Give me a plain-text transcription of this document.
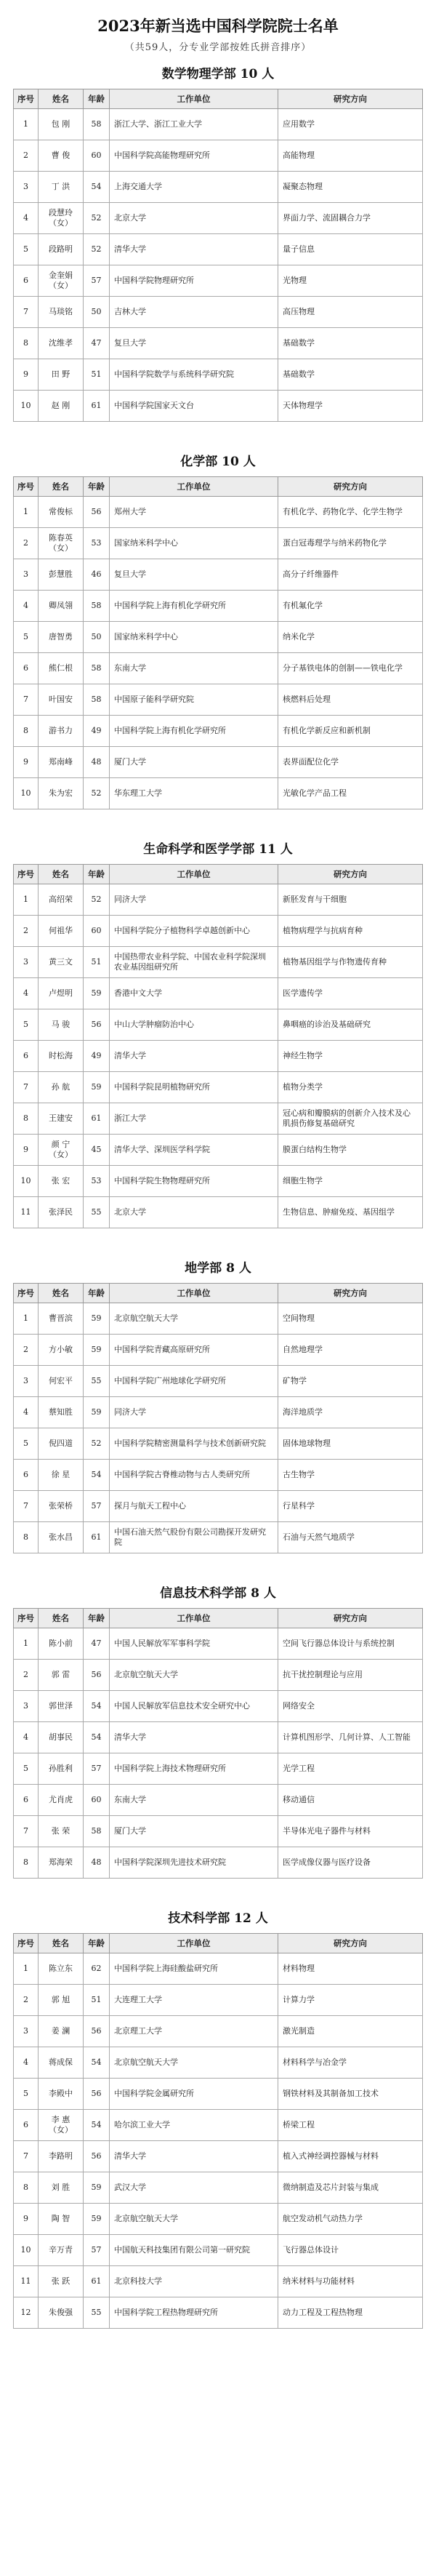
2023年新当选中国科学院院士名单
（共59人，分专业学部按姓氏拼音排序）
数学物理学部 10 人
序号	姓名	年龄	工作单位	研究方向
1	包 刚	58	浙江大学、浙江工业大学	应用数学
2	曹 俊	60	中国科学院高能物理研究所	高能物理
3	丁 洪	54	上海交通大学	凝聚态物理
4	段慧玲（女）	52	北京大学	界面力学、流固耦合力学
5	段路明	52	清华大学	量子信息
6	金奎娟（女）	57	中国科学院物理研究所	光物理
7	马琰铭	50	吉林大学	高压物理
8	沈维孝	47	复旦大学	基础数学
9	田 野	51	中国科学院数学与系统科学研究院	基础数学
10	赵 刚	61	中国科学院国家天文台	天体物理学
化学部 10 人
序号	姓名	年龄	工作单位	研究方向
1	常俊标	56	郑州大学	有机化学、药物化学、化学生物学
2	陈春英（女）	53	国家纳米科学中心	蛋白冠毒理学与纳米药物化学
3	彭慧胜	46	复旦大学	高分子纤维器件
4	卿凤翎	58	中国科学院上海有机化学研究所	有机氟化学
5	唐智勇	50	国家纳米科学中心	纳米化学
6	熊仁根	58	东南大学	分子基铁电体的创制——铁电化学
7	叶国安	58	中国原子能科学研究院	核燃料后处理
8	游书力	49	中国科学院上海有机化学研究所	有机化学新反应和新机制
9	郑南峰	48	厦门大学	表界面配位化学
10	朱为宏	52	华东理工大学	光敏化学产品工程
生命科学和医学学部 11 人
序号	姓名	年龄	工作单位	研究方向
1	高绍荣	52	同济大学	新胚发育与干细胞
2	何祖华	60	中国科学院分子植物科学卓越创新中心	植物病理学与抗病育种
3	黄三文	51	中国热带农业科学院、中国农业科学院深圳农业基因组研究所	植物基因组学与作物遗传育种
4	卢煜明	59	香港中文大学	医学遗传学
5	马 骏	56	中山大学肿瘤防治中心	鼻咽癌的诊治及基础研究
6	时松海	49	清华大学	神经生物学
7	孙 航	59	中国科学院昆明植物研究所	植物分类学
8	王建安	61	浙江大学	冠心病和瓣膜病的创新介入技术及心肌损伤修复基础研究
9	颜 宁（女）	45	清华大学、深圳医学科学院	膜蛋白结构生物学
10	张 宏	53	中国科学院生物物理研究所	细胞生物学
11	张泽民	55	北京大学	生物信息、肿瘤免疫、基因组学
地学部 8 人
序号	姓名	年龄	工作单位	研究方向
1	曹晋滨	59	北京航空航天大学	空间物理
2	方小敏	59	中国科学院青藏高原研究所	自然地理学
3	何宏平	55	中国科学院广州地球化学研究所	矿物学
4	蔡知胜	59	同济大学	海洋地质学
5	倪四道	52	中国科学院精密测量科学与技术创新研究院	固体地球物理
6	徐 星	54	中国科学院古脊椎动物与古人类研究所	古生物学
7	张荣桥	57	探月与航天工程中心	行星科学
8	张水昌	61	中国石油天然气股份有限公司勘探开发研究院	石油与天然气地质学
信息技术科学部 8 人
序号	姓名	年龄	工作单位	研究方向
1	陈小前	47	中国人民解放军军事科学院	空间飞行器总体设计与系统控制
2	郭 雷	56	北京航空航天大学	抗干扰控制理论与应用
3	郭世泽	54	中国人民解放军信息技术安全研究中心	网络安全
4	胡事民	54	清华大学	计算机图形学、几何计算、人工智能
5	孙胜利	57	中国科学院上海技术物理研究所	光学工程
6	尤肖虎	60	东南大学	移动通信
7	张 荣	58	厦门大学	半导体光电子器件与材料
8	郑海荣	48	中国科学院深圳先进技术研究院	医学成像仪器与医疗设备
技术科学部 12 人
序号	姓名	年龄	工作单位	研究方向
1	陈立东	62	中国科学院上海硅酸盐研究所	材料物理
2	郭 旭	51	大连理工大学	计算力学
3	姜 澜	56	北京理工大学	激光制造
4	蒋成保	54	北京航空航天大学	材料科学与冶金学
5	李殿中	56	中国科学院金属研究所	钢铁材料及其制备加工技术
6	李 惠（女）	54	哈尔滨工业大学	桥梁工程
7	李路明	56	清华大学	植入式神经调控器械与材料
8	刘 胜	59	武汉大学	微纳制造及芯片封装与集成
9	陶 智	59	北京航空航天大学	航空发动机气动热力学
10	辛万青	57	中国航天科技集团有限公司第一研究院	飞行器总体设计
11	张 跃	61	北京科技大学	纳米材料与功能材料
12	朱俊强	55	中国科学院工程热物理研究所	动力工程及工程热物理
